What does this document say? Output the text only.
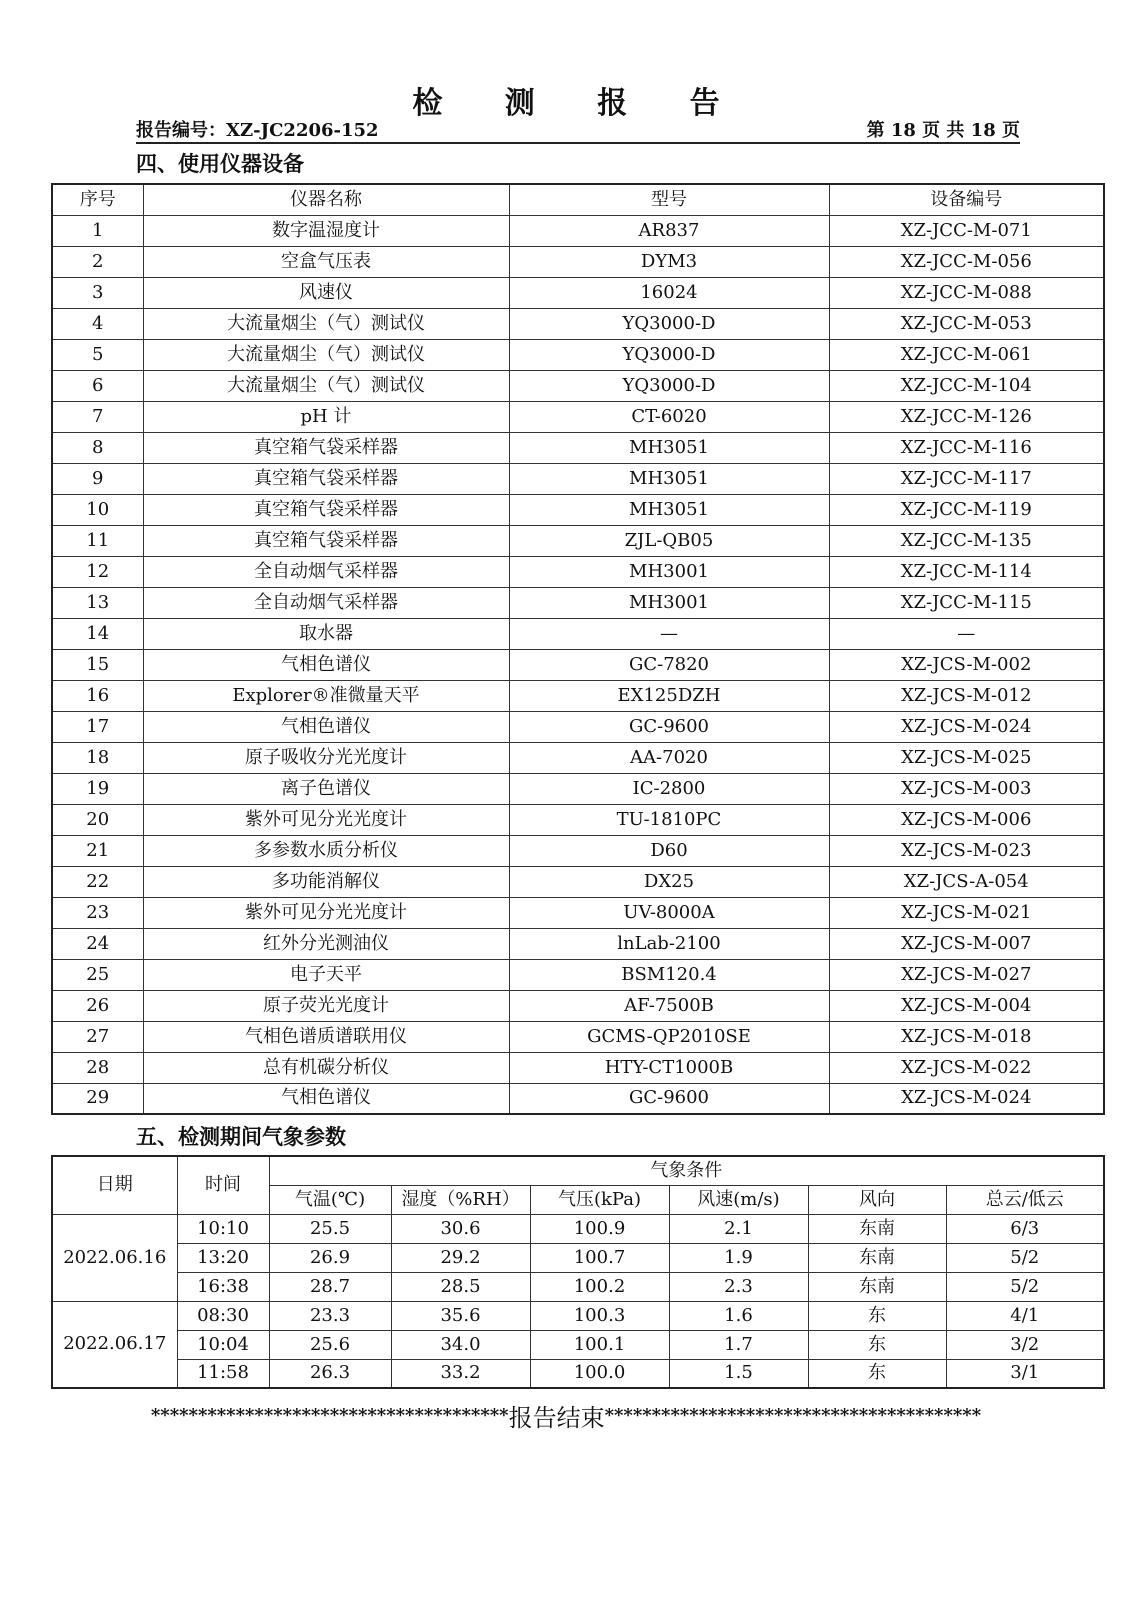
检 测 报 告
报告编号：XZ-JC2206-152	第 18 页 共 18 页
四、使用仪器设备
序号	仪器名称	型号	设备编号
1	数字温湿度计	AR837	XZ-JCC-M-071
2	空盒气压表	DYM3	XZ-JCC-M-056
3	风速仪	16024	XZ-JCC-M-088
4	大流量烟尘（气）测试仪	YQ3000-D	XZ-JCC-M-053
5	大流量烟尘（气）测试仪	YQ3000-D	XZ-JCC-M-061
6	大流量烟尘（气）测试仪	YQ3000-D	XZ-JCC-M-104
7	pH 计	CT-6020	XZ-JCC-M-126
8	真空箱气袋采样器	MH3051	XZ-JCC-M-116
9	真空箱气袋采样器	MH3051	XZ-JCC-M-117
10	真空箱气袋采样器	MH3051	XZ-JCC-M-119
11	真空箱气袋采样器	ZJL-QB05	XZ-JCC-M-135
12	全自动烟气采样器	MH3001	XZ-JCC-M-114
13	全自动烟气采样器	MH3001	XZ-JCC-M-115
14	取水器	—	—
15	气相色谱仪	GC-7820	XZ-JCS-M-002
16	Explorer®准微量天平	EX125DZH	XZ-JCS-M-012
17	气相色谱仪	GC-9600	XZ-JCS-M-024
18	原子吸收分光光度计	AA-7020	XZ-JCS-M-025
19	离子色谱仪	IC-2800	XZ-JCS-M-003
20	紫外可见分光光度计	TU-1810PC	XZ-JCS-M-006
21	多参数水质分析仪	D60	XZ-JCS-M-023
22	多功能消解仪	DX25	XZ-JCS-A-054
23	紫外可见分光光度计	UV-8000A	XZ-JCS-M-021
24	红外分光测油仪	lnLab-2100	XZ-JCS-M-007
25	电子天平	BSM120.4	XZ-JCS-M-027
26	原子荧光光度计	AF-7500B	XZ-JCS-M-004
27	气相色谱质谱联用仪	GCMS-QP2010SE	XZ-JCS-M-018
28	总有机碳分析仪	HTY-CT1000B	XZ-JCS-M-022
29	气相色谱仪	GC-9600	XZ-JCS-M-024
五、检测期间气象参数
日期	时间	气象条件					
		气温(℃)	湿度（%RH）	气压(kPa)	风速(m/s)	风向	总云/低云
2022.06.16	10:10	25.5	30.6	100.9	2.1	东南	6/3
	13:20	26.9	29.2	100.7	1.9	东南	5/2
	16:38	28.7	28.5	100.2	2.3	东南	5/2
2022.06.17	08:30	23.3	35.6	100.3	1.6	东	4/1
	10:04	25.6	34.0	100.1	1.7	东	3/2
	11:58	26.3	33.2	100.0	1.5	东	3/1
**************************************报告结束****************************************
